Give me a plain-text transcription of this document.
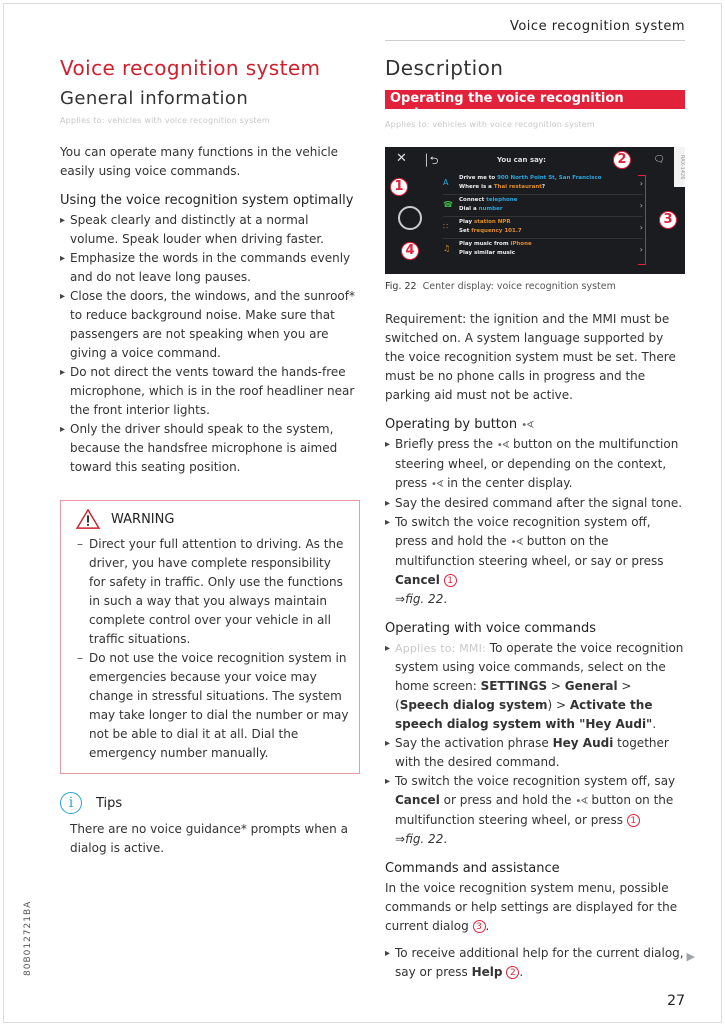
Voice recognition system
Voice recognition system
General information
Applies to: vehicles with voice recognition system

You can operate many functions in the vehicle easily using voice commands.

Using the voice recognition system optimally
▸ Speak clearly and distinctly at a normal volume. Speak louder when driving faster.
▸ Emphasize the words in the commands evenly and do not leave long pauses.
▸ Close the doors, the windows, and the sunroof* to reduce background noise. Make sure that passengers are not speaking when you are giving a voice command.
▸ Do not direct the vents toward the hands-free microphone, which is in the roof headliner near the front interior lights.
▸ Only the driver should speak to the system, because the handsfree microphone is aimed toward this seating position.
WARNING
– Direct your full attention to driving. As the driver, you have complete responsibility for safety in traffic. Only use the functions in such a way that you always maintain complete control over your vehicle in all traffic situations.
– Do not use the voice recognition system in emergencies because your voice may change in stressful situations. The system may take longer to dial the number or may not be able to dial it at all. Dial the emergency number manually.
i	Tips

There are no voice guidance* prompts when a dialog is active.

Description
Operating the voice recognition system
Applies to: vehicles with voice recognition system
✕ │⮌	You can say:	🗨	RAX-1426
A Drive me to 900 North Point St, San Francisco
Where is a Thai restaurant?	›
☎ Connect telephone
Dial a number	›
∷ Play station NPR
Set frequency 101.7	›
♫ Play music from iPhone
Play similar music	›
1
2
3
4
Fig. 22 Center display: voice recognition system

Requirement: the ignition and the MMI must be switched on. A system language supported by the voice recognition system must be set. There must be no phone calls in progress and the parking aid must not be active.

Operating by button •∢
▸ Briefly press the •∢ button on the multifunction steering wheel, or depending on the context, press •∢ in the center display.
▸ Say the desired command after the signal tone.
▸ To switch the voice recognition system off, press and hold the •∢ button on the multifunction steering wheel, or say or press Cancel 1
⇒fig. 22.
Operating with voice commands
▸ Applies to: MMI: To operate the voice recognition system using voice commands, select on the home screen: SETTINGS > General > (Speech dialog system) > Activate the speech dialog system with "Hey Audi".
▸ Say the activation phrase Hey Audi together with the desired command.
▸ To switch the voice recognition system off, say Cancel or press and hold the •∢ button on the multifunction steering wheel, or press 1
⇒fig. 22.
Commands and assistance

In the voice recognition system menu, possible commands or help settings are displayed for the current dialog 3 .

▸ To receive additional help for the current dialog, say or press Help 2 .
80B012721BA	▶
27
